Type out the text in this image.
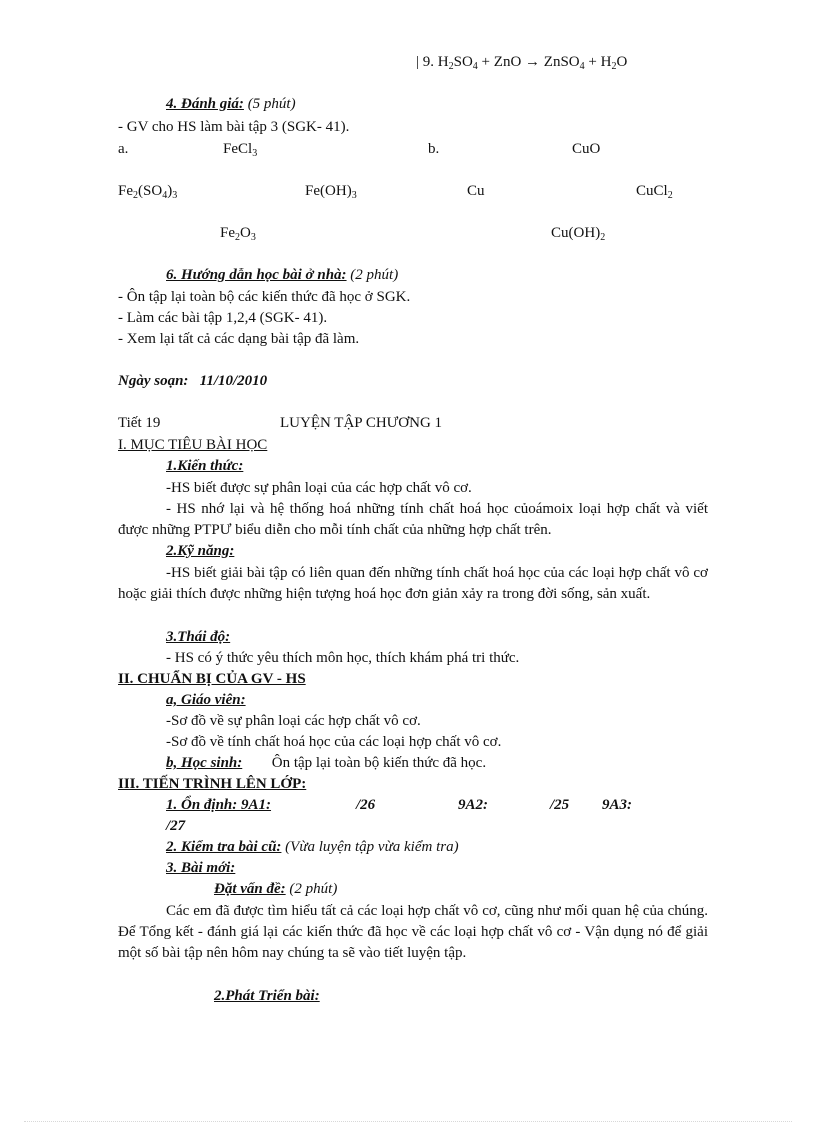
| 9. $H_2SO_4$ + ZnO → ZnSO$_4$ + $H_2O$
4. Đánh giá: (5 phút)
- GV cho HS làm bài tập 3 (SGK- 41).
a.	FeCl$_3$	b.	CuO
$Fe_2(SO_4)_3$	$Fe(OH)_3$	Cu	CuCl$_2$
$Fe_2O_3$	$Cu(OH)_2$
6. Hướng dẫn học bài ở nhà: (2 phút)
- Ôn tập lại toàn bộ các kiến thức đã học ở SGK.
- Làm các bài tập 1,2,4 (SGK- 41).
- Xem lại tất cả các dạng bài tập đã làm.
Ngày soạn:   11/10/2010
Tiết 19	LUYỆN TẬP CHƯƠNG 1
I. MỤC TIÊU BÀI HỌC
1.Kiến thức:
-HS biết được sự phân loại của các hợp chất vô cơ.
- HS nhớ lại và hệ thống hoá những tính chất hoá học củoámoix loại hợp chất và viết được những PTPƯ biểu diễn cho mỗi tính chất của những hợp chất trên.
2.Kỹ năng:
-HS biết giải bài tập có liên quan đến những tính chất hoá học của các loại hợp chất vô cơ hoặc giải thích được những hiện tượng hoá học đơn giản xảy ra trong đời sống, sản xuất.
3.Thái độ:
- HS có ý thức yêu thích môn học, thích khám phá tri thức.
II. CHUẨN BỊ CỦA GV - HS
a, Giáo viên:
-Sơ đồ về sự phân loại các hợp chất vô cơ.
-Sơ đồ về tính chất hoá học của các loại hợp chất vô cơ.
b, Học sinh: Ôn tập lại toàn bộ kiến thức đã học.
III. TIẾN TRÌNH LÊN LỚP:
1. Ổn định: 9A1:	/26	9A2:	/25 9A3:
/27
2. Kiểm tra bài cũ: (Vừa luyện tập vừa kiểm tra)
3. Bài mới:
Đặt vấn đề: (2 phút)
Các em đã được tìm hiểu tất cả các loại hợp chất vô cơ, cũng như mối quan hệ của chúng. Để Tổng kết - đánh giá lại các kiến thức đã học về các loại hợp chất vô cơ - Vận dụng nó để giải một số bài tập nên hôm nay chúng ta sẽ vào tiết luyện tập.
2.Phát Triển bài:
